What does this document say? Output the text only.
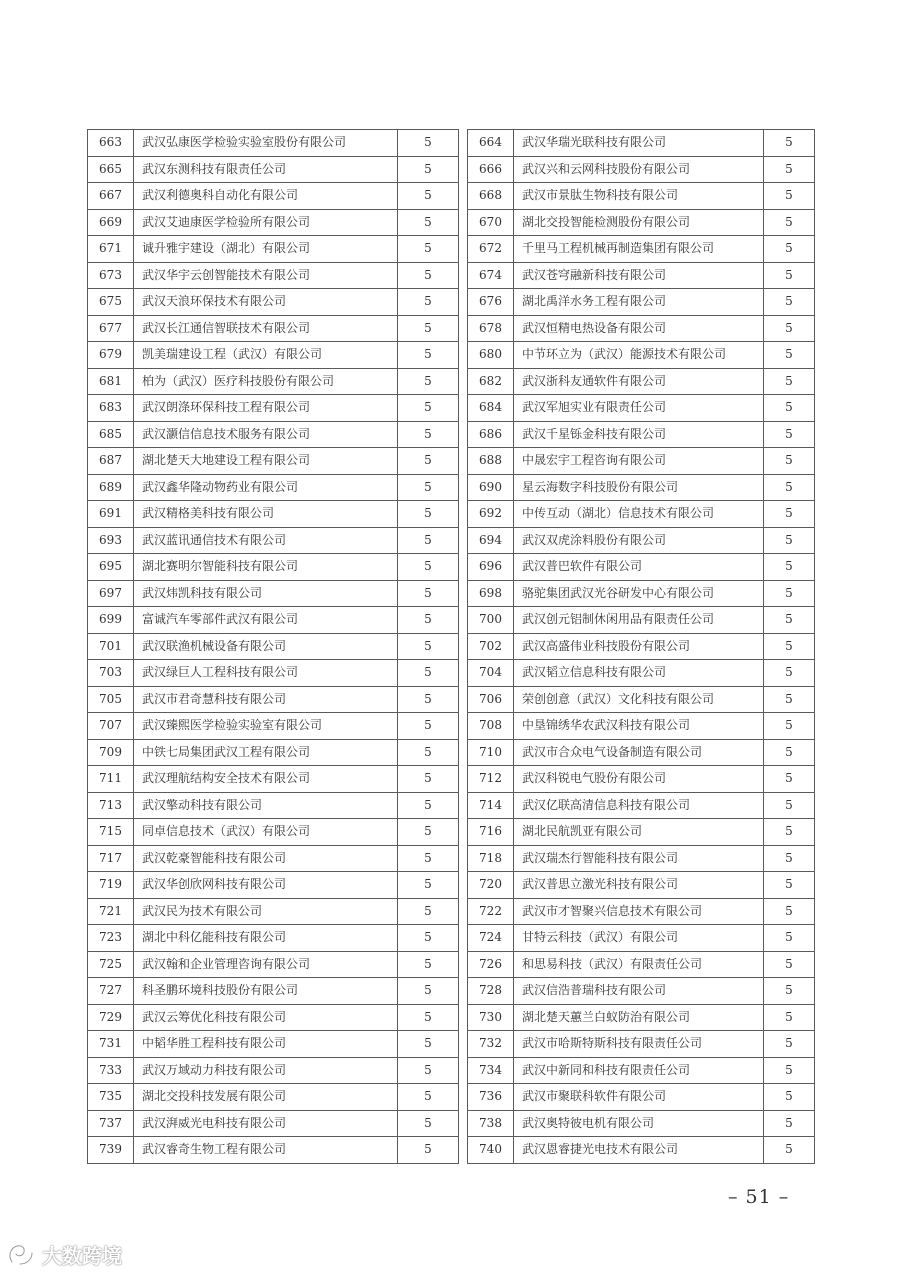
663	武汉弘康医学检验实验室股份有限公司	5		664	武汉华瑞光联科技有限公司	5
665	武汉东测科技有限责任公司	5		666	武汉兴和云网科技股份有限公司	5
667	武汉利德奥科自动化有限公司	5		668	武汉市景肽生物科技有限公司	5
669	武汉艾迪康医学检验所有限公司	5		670	湖北交投智能检测股份有限公司	5
671	诚升雅宇建设（湖北）有限公司	5		672	千里马工程机械再制造集团有限公司	5
673	武汉华宇云创智能技术有限公司	5		674	武汉苍穹融新科技有限公司	5
675	武汉天浪环保技术有限公司	5		676	湖北禹洋水务工程有限公司	5
677	武汉长江通信智联技术有限公司	5		678	武汉恒精电热设备有限公司	5
679	凯美瑞建设工程（武汉）有限公司	5		680	中节环立为（武汉）能源技术有限公司	5
681	柏为（武汉）医疗科技股份有限公司	5		682	武汉浙科友通软件有限公司	5
683	武汉朗涤环保科技工程有限公司	5		684	武汉军旭实业有限责任公司	5
685	武汉灏信信息技术服务有限公司	5		686	武汉千星铄金科技有限公司	5
687	湖北楚天大地建设工程有限公司	5		688	中晟宏宇工程咨询有限公司	5
689	武汉鑫华隆动物药业有限公司	5		690	星云海数字科技股份有限公司	5
691	武汉精格美科技有限公司	5		692	中传互动（湖北）信息技术有限公司	5
693	武汉蓝讯通信技术有限公司	5		694	武汉双虎涂料股份有限公司	5
695	湖北赛明尔智能科技有限公司	5		696	武汉普巴软件有限公司	5
697	武汉炜凯科技有限公司	5		698	骆驼集团武汉光谷研发中心有限公司	5
699	富诚汽车零部件武汉有限公司	5		700	武汉创元铝制休闲用品有限责任公司	5
701	武汉联渔机械设备有限公司	5		702	武汉高盛伟业科技股份有限公司	5
703	武汉绿巨人工程科技有限公司	5		704	武汉韬立信息科技有限公司	5
705	武汉市君奇慧科技有限公司	5		706	荣创创意（武汉）文化科技有限公司	5
707	武汉臻熙医学检验实验室有限公司	5		708	中垦锦绣华农武汉科技有限公司	5
709	中铁七局集团武汉工程有限公司	5		710	武汉市合众电气设备制造有限公司	5
711	武汉理航结构安全技术有限公司	5		712	武汉科锐电气股份有限公司	5
713	武汉擎动科技有限公司	5		714	武汉亿联高清信息科技有限公司	5
715	同卓信息技术（武汉）有限公司	5		716	湖北民航凯亚有限公司	5
717	武汉乾豪智能科技有限公司	5		718	武汉瑞杰行智能科技有限公司	5
719	武汉华创欣网科技有限公司	5		720	武汉普思立激光科技有限公司	5
721	武汉民为技术有限公司	5		722	武汉市才智聚兴信息技术有限公司	5
723	湖北中科亿能科技有限公司	5		724	甘特云科技（武汉）有限公司	5
725	武汉翰和企业管理咨询有限公司	5		726	和思易科技（武汉）有限责任公司	5
727	科圣鹏环境科技股份有限公司	5		728	武汉信浩普瑞科技有限公司	5
729	武汉云筹优化科技有限公司	5		730	湖北楚天蕙兰白蚁防治有限公司	5
731	中韬华胜工程科技有限公司	5		732	武汉市哈斯特斯科技有限责任公司	5
733	武汉万域动力科技有限公司	5		734	武汉中新同和科技有限责任公司	5
735	湖北交投科技发展有限公司	5		736	武汉市聚联科软件有限公司	5
737	武汉湃威光电科技有限公司	5		738	武汉奥特彼电机有限公司	5
739	武汉睿奇生物工程有限公司	5		740	武汉恩睿捷光电技术有限公司	5
– 51 –
大数跨境
